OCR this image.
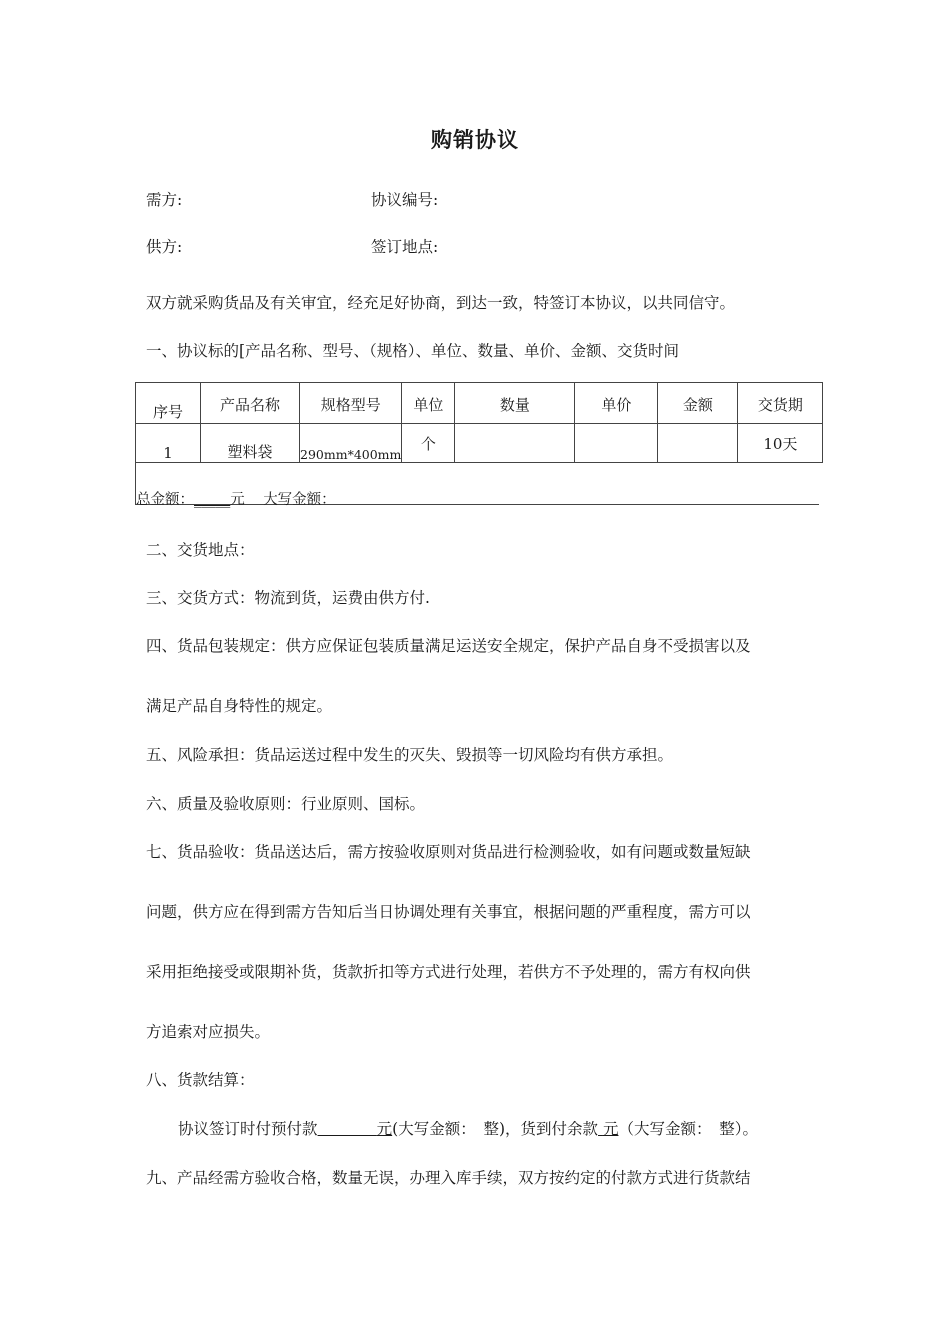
购销协议
需方:	协议编号:
供方:	签订地点:
双方就采购货品及有关审宜，经充足好协商，到达一致，特签订本协议，以共同信守。
一、协议标的[产品名称、型号、（规格）、单位、数量、单价、金额、交货时间
序号	产品名称	规格型号	单位	数量	单价	金额	交货期
1	塑料袋	290mm*400mm	个				10天
总金额：_____元 大写金额：
二、交货地点：
三、交货方式：物流到货，运费由供方付.
四、货品包装规定：供方应保证包装质量满足运送安全规定，保护产品自身不受损害以及
满足产品自身特性的规定。
五、风险承担：货品运送过程中发生的灭失、毁损等一切风险均有供方承担。
六、质量及验收原则：行业原则、国标。
七、货品验收：货品送达后，需方按验收原则对货品进行检测验收，如有问题或数量短缺
问题，供方应在得到需方告知后当日协调处理有关事宜，根据问题的严重程度，需方可以
采用拒绝接受或限期补货，货款折扣等方式进行处理，若供方不予处理的，需方有权向供
方追索对应损失。
八、货款结算：
协议签订时付预付款	元(大写金额：　整)，货到付余款 元（大写金额：　整）。
九、产品经需方验收合格，数量无误，办理入库手续，双方按约定的付款方式进行货款结
